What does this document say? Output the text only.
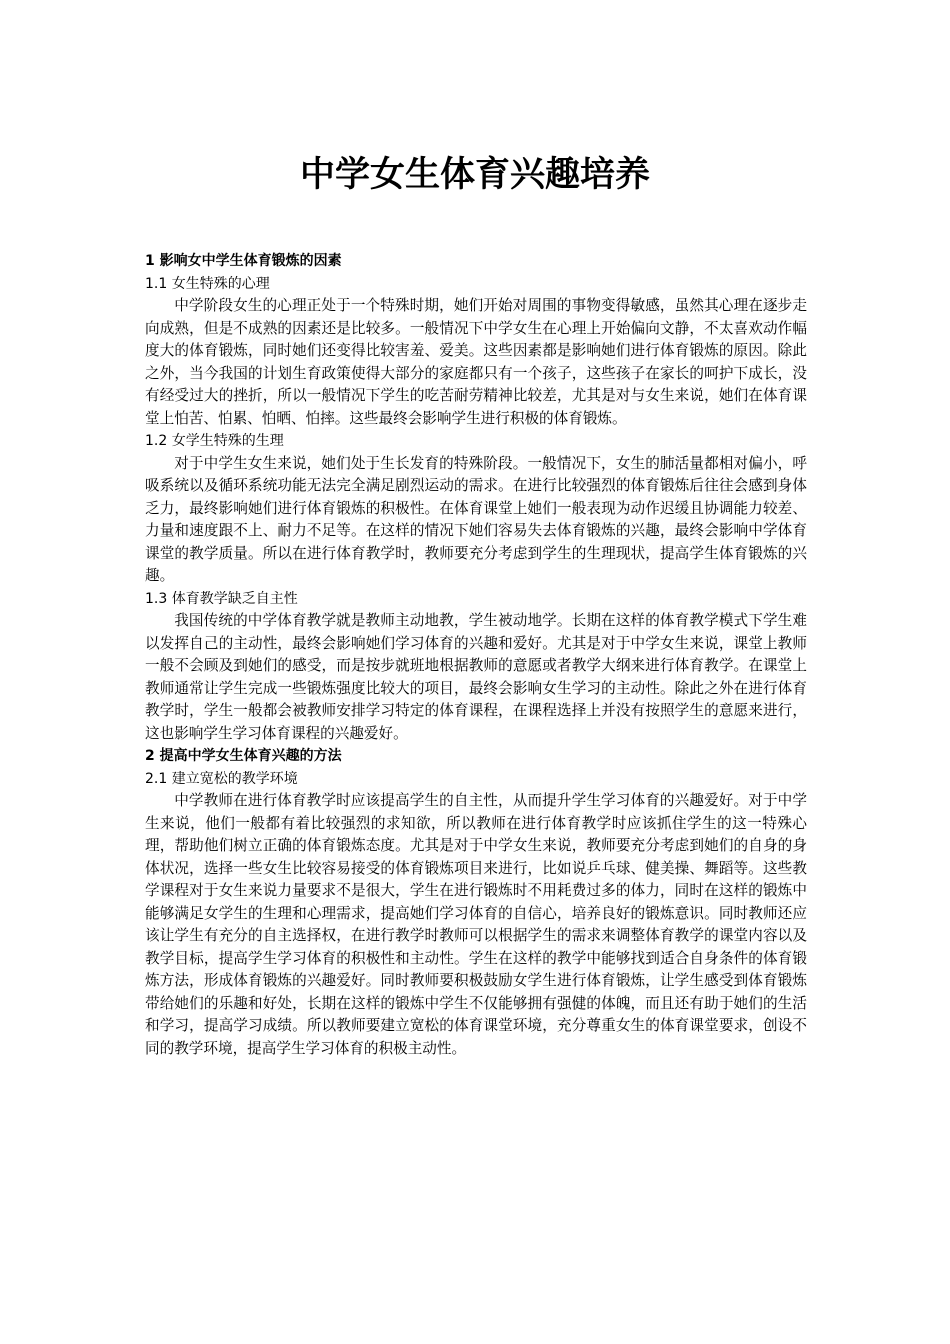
中学女生体育兴趣培养
1 影响女中学生体育锻炼的因素
1.1 女生特殊的心理

中学阶段女生的心理正处于一个特殊时期，她们开始对周围的事物变得敏感，虽然其心理在逐步走向成熟，但是不成熟的因素还是比较多。一般情况下中学女生在心理上开始偏向文静，不太喜欢动作幅度大的体育锻炼，同时她们还变得比较害羞、爱美。这些因素都是影响她们进行体育锻炼的原因。除此之外，当今我国的计划生育政策使得大部分的家庭都只有一个孩子，这些孩子在家长的呵护下成长，没有经受过大的挫折，所以一般情况下学生的吃苦耐劳精神比较差，尤其是对与女生来说，她们在体育课堂上怕苦、怕累、怕晒、怕摔。这些最终会影响学生进行积极的体育锻炼。

1.2 女学生特殊的生理

对于中学生女生来说，她们处于生长发育的特殊阶段。一般情况下，女生的肺活量都相对偏小，呼吸系统以及循环系统功能无法完全满足剧烈运动的需求。在进行比较强烈的体育锻炼后往往会感到身体乏力，最终影响她们进行体育锻炼的积极性。在体育课堂上她们一般表现为动作迟缓且协调能力较差、力量和速度跟不上、耐力不足等。在这样的情况下她们容易失去体育锻炼的兴趣，最终会影响中学体育课堂的教学质量。所以在进行体育教学时，教师要充分考虑到学生的生理现状，提高学生体育锻炼的兴趣。

1.3 体育教学缺乏自主性

我国传统的中学体育教学就是教师主动地教，学生被动地学。长期在这样的体育教学模式下学生难以发挥自己的主动性，最终会影响她们学习体育的兴趣和爱好。尤其是对于中学女生来说，课堂上教师一般不会顾及到她们的感受，而是按步就班地根据教师的意愿或者教学大纲来进行体育教学。在课堂上教师通常让学生完成一些锻炼强度比较大的项目，最终会影响女生学习的主动性。除此之外在进行体育教学时，学生一般都会被教师安排学习特定的体育课程，在课程选择上并没有按照学生的意愿来进行，这也影响学生学习体育课程的兴趣爱好。

2 提高中学女生体育兴趣的方法
2.1 建立宽松的教学环境

中学教师在进行体育教学时应该提高学生的自主性，从而提升学生学习体育的兴趣爱好。对于中学生来说，他们一般都有着比较强烈的求知欲，所以教师在进行体育教学时应该抓住学生的这一特殊心理，帮助他们树立正确的体育锻炼态度。尤其是对于中学女生来说，教师要充分考虑到她们的自身的身体状况，选择一些女生比较容易接受的体育锻炼项目来进行，比如说乒乓球、健美操、舞蹈等。这些教学课程对于女生来说力量要求不是很大，学生在进行锻炼时不用耗费过多的体力，同时在这样的锻炼中能够满足女学生的生理和心理需求，提高她们学习体育的自信心，培养良好的锻炼意识。同时教师还应该让学生有充分的自主选择权，在进行教学时教师可以根据学生的需求来调整体育教学的课堂内容以及教学目标，提高学生学习体育的积极性和主动性。学生在这样的教学中能够找到适合自身条件的体育锻炼方法，形成体育锻炼的兴趣爱好。同时教师要积极鼓励女学生进行体育锻炼，让学生感受到体育锻炼带给她们的乐趣和好处，长期在这样的锻炼中学生不仅能够拥有强健的体魄，而且还有助于她们的生活和学习，提高学习成绩。所以教师要建立宽松的体育课堂环境，充分尊重女生的体育课堂要求，创设不同的教学环境，提高学生学习体育的积极主动性。
